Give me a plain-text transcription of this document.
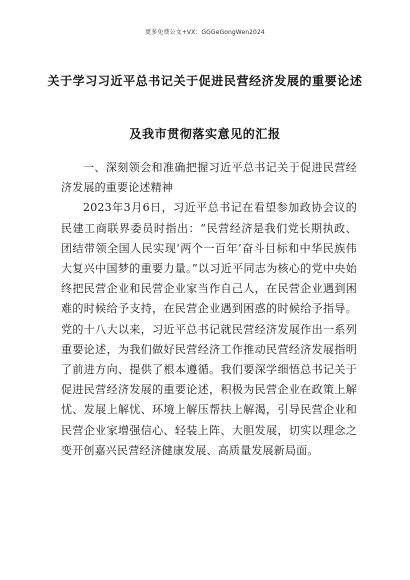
更多免费公文+VX：GGGeGongWen2024
关于学习习近平总书记关于促进民营经济发展的重要论述
及我市贯彻落实意见的汇报

一、深刻领会和准确把握习近平总书记关于促进民营经济发展的重要论述精神

2023年3月6日，习近平总书记在看望参加政协会议的民建工商联界委员时指出：“民营经济是我们党长期执政、团结带领全国人民实现‘两个一百年’奋斗目标和中华民族伟大复兴中国梦的重要力量。”以习近平同志为核心的党中央始终把民营企业和民营企业家当作自己人，在民营企业遇到困难的时候给予支持，在民营企业遇到困惑的时候给予指导。党的十八大以来，习近平总书记就民营经济发展作出一系列重要论述，为我们做好民营经济工作推动民营经济发展指明了前进方向、提供了根本遵循。我们要深学细悟总书记关于促进民营经济发展的重要论述，积极为民营企业在政策上解忧、发展上解忧、环境上解压帮扶上解渴，引导民营企业和民营企业家增强信心、轻装上阵、大胆发展，切实以理念之变开创嘉兴民营经济健康发展、高质量发展新局面。
